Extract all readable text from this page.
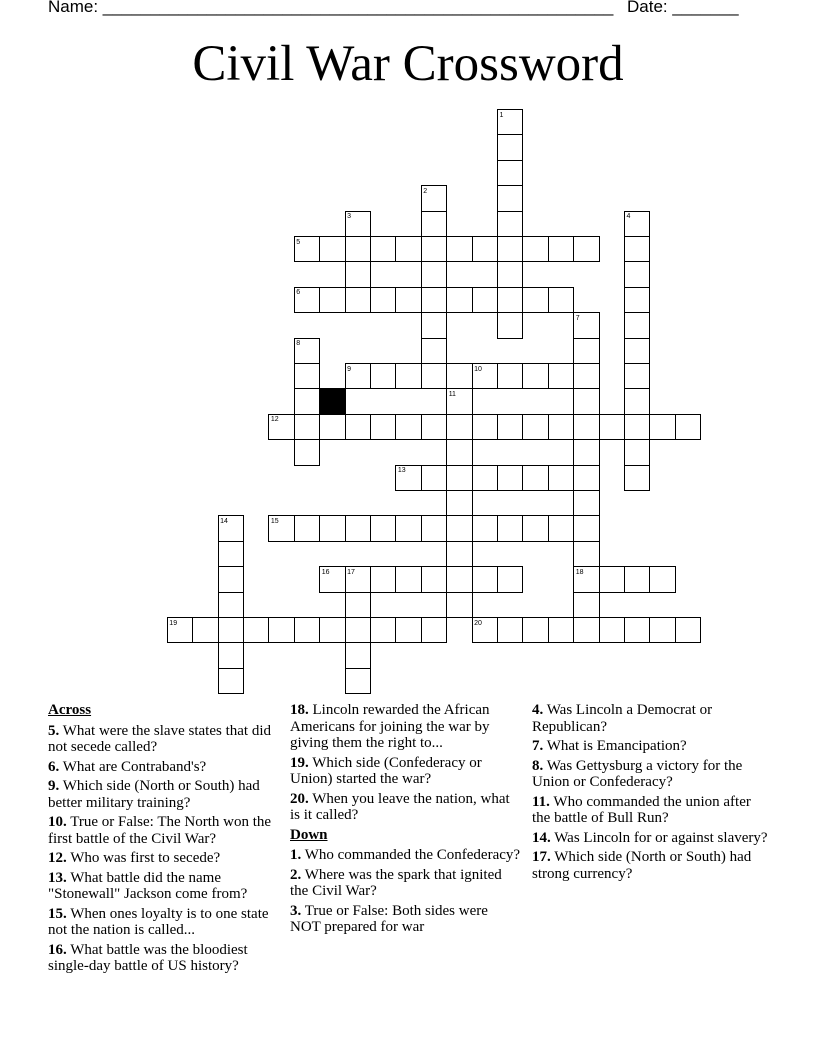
Name: ______________________________________________________ Date: _______
Civil War Crossword
1
2
3	4
5
6
7
8
9	10
11
12
13
14	15
16	17	18
19	20
Across
5. What were the slave states that did not secede called?
6. What are Contraband's?
9. Which side (North or South) had better military training?
10. True or False: The North won the first battle of the Civil War?
12. Who was first to secede?
13. What battle did the name "Stonewall" Jackson come from?
15. When ones loyalty is to one state not the nation is called...
16. What battle was the bloodiest single-day battle of US history?
18. Lincoln rewarded the African Americans for joining the war by giving them the right to...
19. Which side (Confederacy or Union) started the war?
20. When you leave the nation, what is it called?
Down
1. Who commanded the Confederacy?
2. Where was the spark that ignited the Civil War?
3. True or False: Both sides were NOT prepared for war
4. Was Lincoln a Democrat or Republican?
7. What is Emancipation?
8. Was Gettysburg a victory for the Union or Confederacy?
11. Who commanded the union after the battle of Bull Run?
14. Was Lincoln for or against slavery?
17. Which side (North or South) had strong currency?
